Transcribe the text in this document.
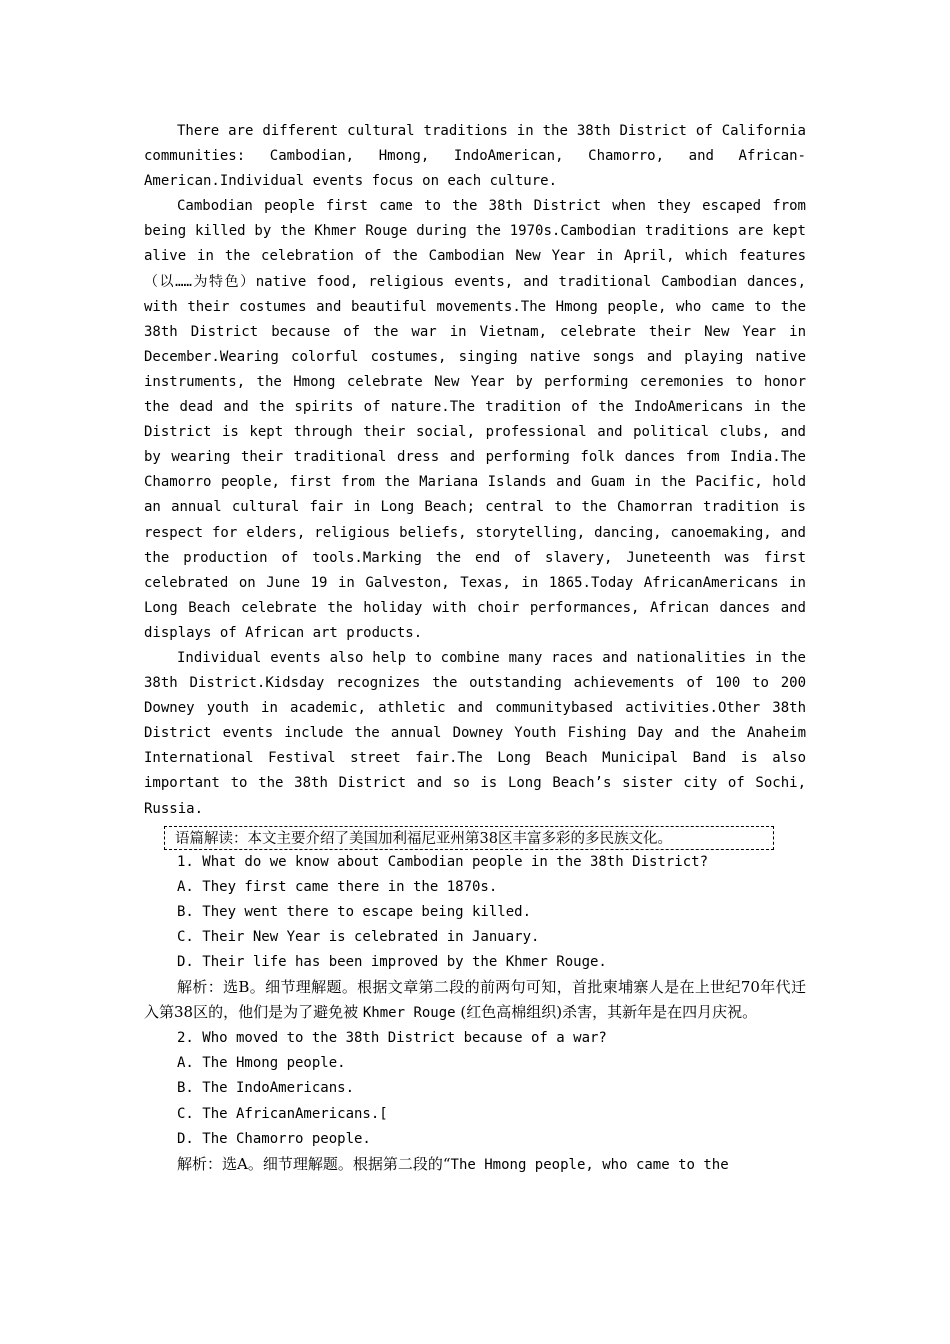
There are different cultural traditions in the 38th District of California communities: Cambodian, Hmong, IndoAmerican, Chamorro, and African-American.Individual events focus on each culture.

Cambodian people first came to the 38th District when they escaped from being killed by the Khmer Rouge during the 1970s.Cambodian traditions are kept alive in the celebration of the Cambodian New Year in April, which features（以……为特色）native food, religious events, and traditional Cambodian dances, with their costumes and beautiful movements.The Hmong people, who came to the 38th District because of the war in Vietnam, celebrate their New Year in December.Wearing colorful costumes, singing native songs and playing native instruments, the Hmong celebrate New Year by performing ceremonies to honor the dead and the spirits of nature.The tradition of the IndoAmericans in the District is kept through their social, professional and political clubs, and by wearing their traditional dress and performing folk dances from India.The Chamorro people, first from the Mariana Islands and Guam in the Pacific, hold an annual cultural fair in Long Beach; central to the Chamorran tradition is respect for elders, religious beliefs, storytelling, dancing, canoemaking, and the production of tools.Marking the end of slavery, Juneteenth was first celebrated on June 19 in Galveston, Texas, in 1865.Today AfricanAmericans in Long Beach celebrate the holiday with choir performances, African dances and displays of African art products.

Individual events also help to combine many races and nationalities in the 38th District.Kidsday recognizes the outstanding achievements of 100 to 200 Downey youth in academic, athletic and communitybased activities.Other 38th District events include the annual Downey Youth Fishing Day and the Anaheim International Festival street fair.The Long Beach Municipal Band is also important to the 38th District and so is Long Beach’s sister city of Sochi, Russia.

语篇解读：本文主要介绍了美国加利福尼亚州第38区丰富多彩的多民族文化。

1. What do we know about Cambodian people in the 38th District?

A. They first came there in the 1870s.

B. They went there to escape being killed.

C. Their New Year is celebrated in January.

D. Their life has been improved by the Khmer Rouge.

解析：选B。细节理解题。根据文章第二段的前两句可知，首批柬埔寨人是在上世纪70年代迁入第38区的，他们是为了避免被 Khmer Rouge (红色高棉组织)杀害，其新年是在四月庆祝。

2. Who moved to the 38th District because of a war?

A. The Hmong people.

B. The IndoAmericans.

C. The AfricanAmericans.[

D. The Chamorro people.

解析：选A。细节理解题。根据第二段的“The Hmong people, who came to the
